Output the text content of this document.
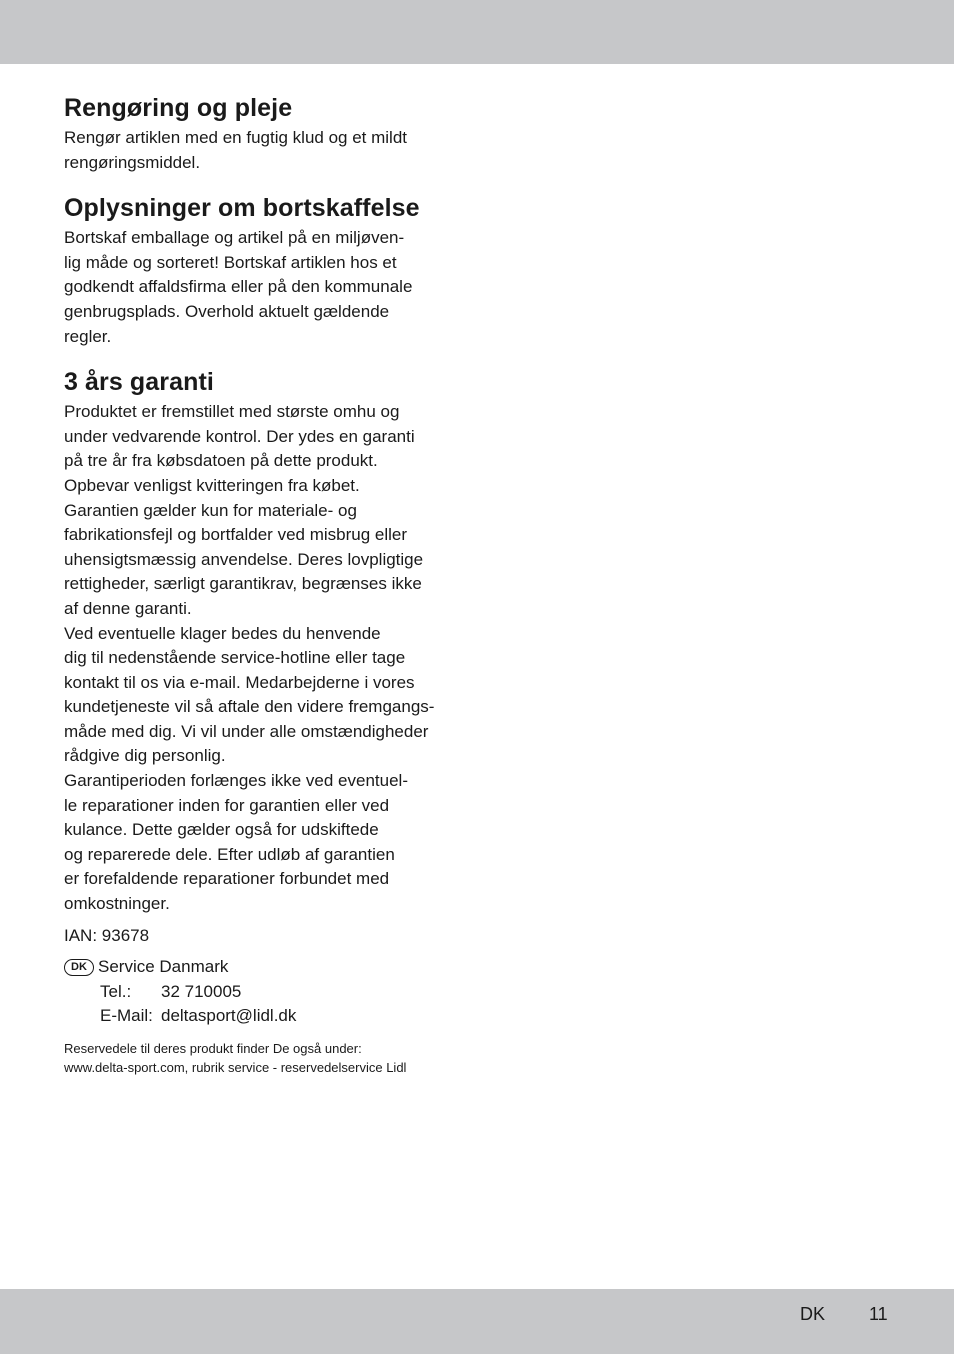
Rengøring og pleje

Rengør artiklen med en fugtig klud og et mildt
rengøringsmiddel.

Oplysninger om bortskaffelse

Bortskaf emballage og artikel på en miljøven-
lig måde og sorteret! Bortskaf artiklen hos et
godkendt affaldsfirma eller på den kommunale
genbrugsplads. Overhold aktuelt gældende
regler.

3 års garanti

Produktet er fremstillet med største omhu og
under vedvarende kontrol. Der ydes en garanti
på tre år fra købsdatoen på dette produkt.
Opbevar venligst kvitteringen fra købet.
Garantien gælder kun for materiale- og
fabrikationsfejl og bortfalder ved misbrug eller
uhensigtsmæssig anvendelse. Deres lovpligtige
rettigheder, særligt garantikrav, begrænses ikke
af denne garanti.
Ved eventuelle klager bedes du henvende
dig til nedenstående service-hotline eller tage
kontakt til os via e-mail. Medarbejderne i vores
kundetjeneste vil så aftale den videre fremgangs-
måde med dig. Vi vil under alle omstændigheder
rådgive dig personlig.
Garantiperioden forlænges ikke ved eventuel-
le reparationer inden for garantien eller ved
kulance. Dette gælder også for udskiftede
og reparerede dele. Efter udløb af garantien
er forefaldende reparationer forbundet med
omkostninger.

IAN: 93678
DK Service Danmark
Tel.:	32 710005
E-Mail: deltasport@lidl.dk
Reservedele til deres produkt finder De også under:
www.delta-sport.com, rubrik service - reservedelservice Lidl
DK 11
